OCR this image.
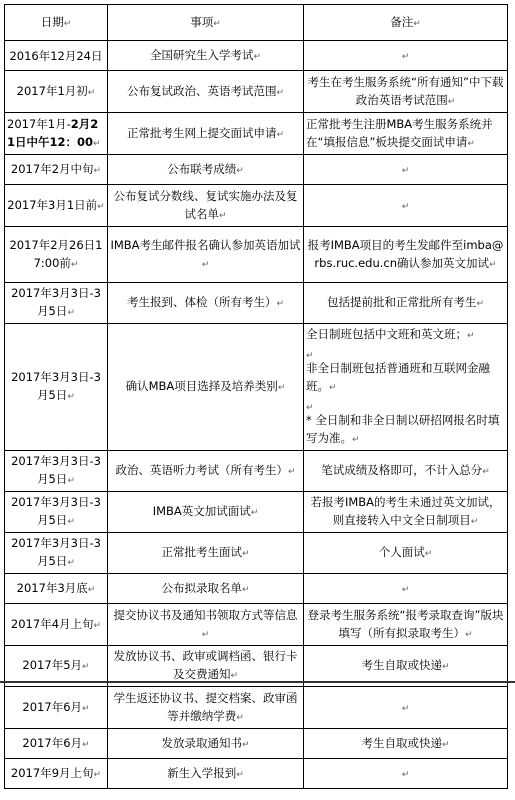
日期↵	事项↵	备注↵
2016年12月24日	全国研究生入学考试↵	↵
2017年1月初↵	公布复试政治、英语考试范围↵	考生在考生服务系统“所有通知”中下载政治英语考试范围↵
2017年1月-2月21日中午12：00↵	正常批考生网上提交面试申请↵	正常批考生注册MBA考生服务系统并在“填报信息”板块提交面试申请↵
2017年2月中旬↵	公布联考成绩↵	↵
2017年3月1日前↵	公布复试分数线、复试实施办法及复试名单↵	↵
2017年2月26日17:00前↵	IMBA考生邮件报名确认参加英语加试↵	报考IMBA项目的考生发邮件至imba@rbs.ruc.edu.cn确认参加英文加试↵
2017年3月3日-3月5日↵	考生报到、体检（所有考生）↵	包括提前批和正常批所有考生↵
2017年3月3日-3月5日↵	确认MBA项目选择及培养类别↵	全日制班包括中文班和英文班；↵
↵
非全日制班包括普通班和互联网金融班。↵
↵
* 全日制和非全日制以研招网报名时填写为准。↵

2017年3月3日-3月5日↵	政治、英语听力考试（所有考生）↵	笔试成绩及格即可，不计入总分↵
2017年3月3日-3月5日↵	IMBA英文加试面试↵	若报考IMBA的考生未通过英文加试，则直接转入中文全日制项目↵
2017年3月3日-3月5日↵	正常批考生面试↵	个人面试↵
2017年3月底↵	公布拟录取名单↵	↵
2017年4月上旬↵	提交协议书及通知书领取方式等信息↵	登录考生服务系统“报考录取查询”版块填写（所有拟录取考生）↵
2017年5月↵	发放协议书、政审或调档函、银行卡及交费通知↵	考生自取或快递↵
2017年6月↵	学生返还协议书、提交档案、政审函等并缴纳学费↵	↵
2017年6月↵	发放录取通知书↵	考生自取或快递↵
2017年9月上旬↵	新生入学报到↵	↵
